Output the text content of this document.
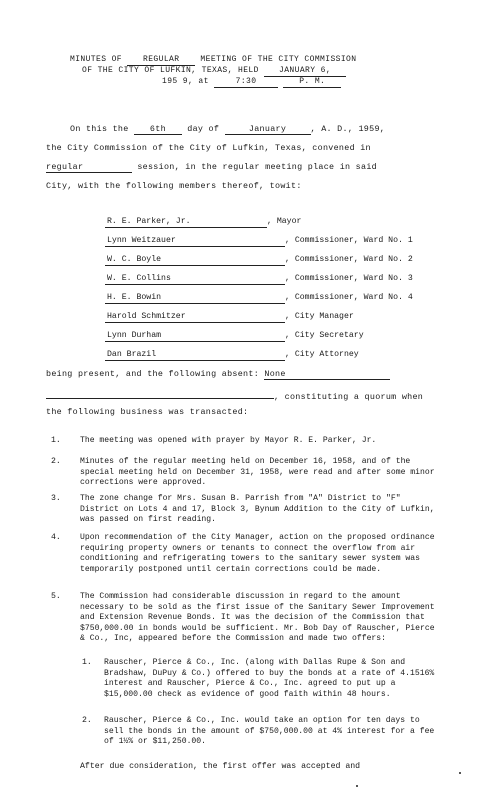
MINUTES OF	REGULAR	MEETING OF THE CITY COMMISSION
OF THE CITY OF LUFKIN, TEXAS, HELD	JANUARY 6,
195 9, at	7:30	P. M.
On this the	6th	day of	January	, A. D., 1959,
the City Commission of the City of Lufkin, Texas, convened in
regular	session, in the regular meeting place in said
City, with the following members thereof, towit:
R. E. Parker, Jr.	, Mayor
Lynn Weitzauer	, Commissioner, Ward No. 1
W. C. Boyle	, Commissioner, Ward No. 2
W. E. Collins	, Commissioner, Ward No. 3
H. E. Bowin	, Commissioner, Ward No. 4
Harold Schmitzer	, City Manager
Lynn Durham	, City Secretary
Dan Brazil	, City Attorney
being present, and the following absent: None
, constituting a quorum when
the following business was transacted:
1. The meeting was opened with prayer by Mayor R. E. Parker, Jr.
2. Minutes of the regular meeting held on December 16, 1958, and of the special meeting held on December 31, 1958, were read and after some minor corrections were approved.
3. The zone change for Mrs. Susan B. Parrish from "A" District to "F" District on Lots 4 and 17, Block 3, Bynum Addition to the City of Lufkin, was passed on first reading.
4. Upon recommendation of the City Manager, action on the proposed ordinance requiring property owners or tenants to connect the overflow from air conditioning and refrigerating towers to the sanitary sewer system was temporarily postponed until certain corrections could be made.
5. The Commission had considerable discussion in regard to the amount necessary to be sold as the first issue of the Sanitary Sewer Improvement and Extension Revenue Bonds. It was the decision of the Commission that $750,000.00 in bonds would be sufficient. Mr. Bob Day of Rauscher, Pierce & Co., Inc, appeared before the Commission and made two offers:
1. Rauscher, Pierce & Co., Inc. (along with Dallas Rupe & Son and Bradshaw, DuPuy & Co.) offered to buy the bonds at a rate of 4.1516% interest and Rauscher, Pierce & Co., Inc. agreed to put up a $15,000.00 check as evidence of good faith within 48 hours.
2. Rauscher, Pierce & Co., Inc. would take an option for ten days to sell the bonds in the amount of $750,000.00 at 4% interest for a fee of 1½% or $11,250.00.
After due consideration, the first offer was accepted and
